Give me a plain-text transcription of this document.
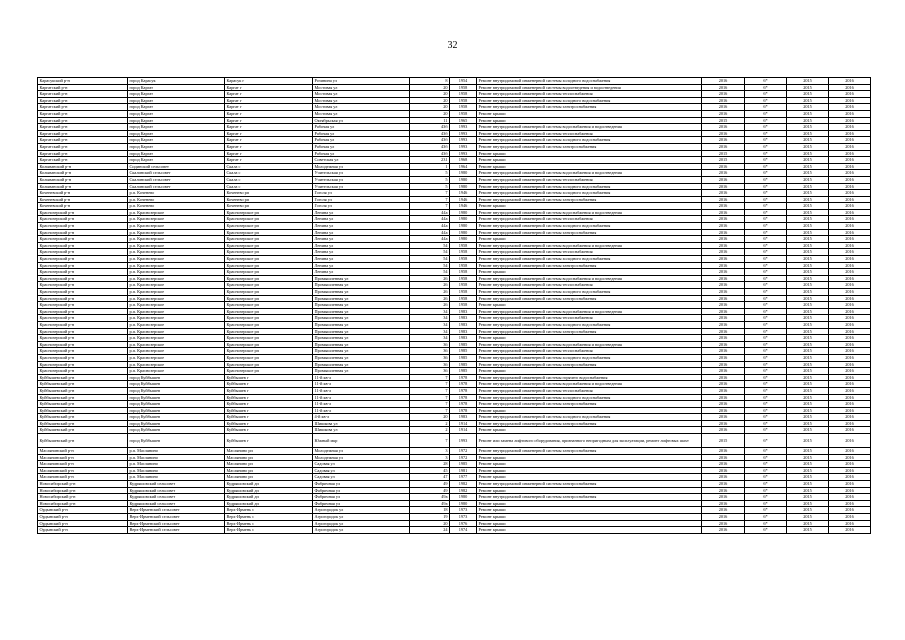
32
Карасукский р-н	город Карасук	Карасук г	Розинина ул	8	1954	Ремонт внутридомовой инженерной системы холодного водоснабжения	2016	6*	2015	2016
Каргатский р-н	город Каргат	Каргат г	Мостовая ул	20	1958	Ремонт внутридомовой инженерной системы водоотведения и водоотведения	2016	6*	2015	2016
Каргатский р-н	город Каргат	Каргат г	Мостовая ул	20	1958	Ремонт внутридомовой инженерной системы теплоснабжения	2016	6*	2015	2016
Каргатский р-н	город Каргат	Каргат г	Мостовая ул	20	1958	Ремонт внутридомовой инженерной системы холодного водоснабжения	2016	6*	2015	2016
Каргатский р-н	город Каргат	Каргат г	Мостовая ул	20	1958	Ремонт внутридомовой инженерной системы электроснабжения	2016	6*	2015	2016
Каргатский р-н	город Каргат	Каргат г	Мостовая ул	20	1958	Ремонт крыши	2016	6*	2015	2016
Каргатский р-н	город Каргат	Каргат г	Октябрьская ул	11	1965	Ремонт крыши	2015	6*	2015	2016
Каргатский р-н	город Каргат	Каргат г	Рабочая ул	43б	1993	Ремонт внутридомовой инженерной системы водоснабжения и водоотведения	2016	6*	2015	2016
Каргатский р-н	город Каргат	Каргат г	Рабочая ул	43б	1993	Ремонт внутридомовой инженерной системы теплоснабжения	2016	6*	2015	2016
Каргатский р-н	город Каргат	Каргат г	Рабочая ул	43б	1993	Ремонт внутридомовой инженерной системы холодного водоснабжения	2016	6*	2015	2016
Каргатский р-н	город Каргат	Каргат г	Рабочая ул	43б	1993	Ремонт внутридомовой инженерной системы электроснабжения	2016	6*	2015	2016
Каргатский р-н	город Каргат	Каргат г	Рабочая ул	43б	1993	Ремонт крыши	2015	6*	2015	2016
Каргатский р-н	город Каргат	Каргат г	Советская ул	231	1968	Ремонт крыши	2015	6*	2015	2016
Колыванский р-н	Сидинский сельсовет	Скала с	Молодежная ул	1	1964	Ремонт крыши	2016	6*	2015	2016
Колыванский р-н	Скалинский сельсовет	Скала с	Учительская ул	5	1980	Ремонт внутридомовой инженерной системы водоснабжения и водоотведения	2016	6*	2015	2016
Колыванский р-н	Скалинский сельсовет	Скала с	Учительская ул	5	1980	Ремонт внутридомовой инженерной системы теплоснабжения	2016	6*	2015	2016
Колыванский р-н	Скалинский сельсовет	Скала с	Учительская ул	5	1980	Ремонт внутридомовой инженерной системы холодного водоснабжения	2016	6*	2015	2016
Коченевский р-н	р.п. Коченево	Коченево рп	Гоголя ул	7	1946	Ремонт внутридомовой инженерной системы холодного водоснабжения	2016	6*	2015	2016
Коченевский р-н	р.п. Коченево	Коченево рп	Гоголя ул	7	1946	Ремонт внутридомовой инженерной системы электроснабжения	2016	6*	2015	2016
Коченевский р-н	р.п. Коченево	Коченево рп	Гоголя ул	7	1946	Ремонт крыши	2016	6*	2015	2016
Краснозерский р-н	р.п. Краснозерское	Краснозерское рп	Ленина ул	44а	1980	Ремонт внутридомовой инженерной системы водоснабжения и водоотведения	2016	6*	2015	2016
Краснозерский р-н	р.п. Краснозерское	Краснозерское рп	Ленина ул	44а	1980	Ремонт внутридомовой инженерной системы теплоснабжения	2016	6*	2015	2016
Краснозерский р-н	р.п. Краснозерское	Краснозерское рп	Ленина ул	44а	1980	Ремонт внутридомовой инженерной системы холодного водоснабжения	2016	6*	2015	2016
Краснозерский р-н	р.п. Краснозерское	Краснозерское рп	Ленина ул	44а	1980	Ремонт внутридомовой инженерной системы электроснабжения	2016	6*	2015	2016
Краснозерский р-н	р.п. Краснозерское	Краснозерское рп	Ленина ул	44а	1980	Ремонт крыши	2016	6*	2015	2016
Краснозерский р-н	р.п. Краснозерское	Краснозерское рп	Ленина ул	54	1958	Ремонт внутридомовой инженерной системы водоснабжения и водоотведения	2016	6*	2015	2016
Краснозерский р-н	р.п. Краснозерское	Краснозерское рп	Ленина ул	54	1958	Ремонт внутридомовой инженерной системы теплоснабжения	2016	6*	2015	2016
Краснозерский р-н	р.п. Краснозерское	Краснозерское рп	Ленина ул	54	1958	Ремонт внутридомовой инженерной системы холодного водоснабжения	2016	6*	2015	2016
Краснозерский р-н	р.п. Краснозерское	Краснозерское рп	Ленина ул	54	1958	Ремонт внутридомовой инженерной системы электроснабжения	2016	6*	2015	2016
Краснозерский р-н	р.п. Краснозерское	Краснозерское рп	Ленина ул	54	1958	Ремонт крыши	2016	6*	2015	2016
Краснозерский р-н	р.п. Краснозерское	Краснозерское рп	Промышленная ул	26	1958	Ремонт внутридомовой инженерной системы водоснабжения и водоотведения	2016	6*	2015	2016
Краснозерский р-н	р.п. Краснозерское	Краснозерское рп	Промышленная ул	26	1958	Ремонт внутридомовой инженерной системы теплоснабжения	2016	6*	2015	2016
Краснозерский р-н	р.п. Краснозерское	Краснозерское рп	Промышленная ул	26	1958	Ремонт внутридомовой инженерной системы холодного водоснабжения	2016	6*	2015	2016
Краснозерский р-н	р.п. Краснозерское	Краснозерское рп	Промышленная ул	26	1958	Ремонт внутридомовой инженерной системы электроснабжения	2016	6*	2015	2016
Краснозерский р-н	р.п. Краснозерское	Краснозерское рп	Промышленная ул	26	1958	Ремонт крыши	2016	6*	2015	2016
Краснозерский р-н	р.п. Краснозерское	Краснозерское рп	Промышленная ул	34	1983	Ремонт внутридомовой инженерной системы водоснабжения и водоотведения	2016	6*	2015	2016
Краснозерский р-н	р.п. Краснозерское	Краснозерское рп	Промышленная ул	34	1983	Ремонт внутридомовой инженерной системы теплоснабжения	2016	6*	2015	2016
Краснозерский р-н	р.п. Краснозерское	Краснозерское рп	Промышленная ул	34	1983	Ремонт внутридомовой инженерной системы холодного водоснабжения	2016	6*	2015	2016
Краснозерский р-н	р.п. Краснозерское	Краснозерское рп	Промышленная ул	34	1983	Ремонт внутридомовой инженерной системы электроснабжения	2016	6*	2015	2016
Краснозерский р-н	р.п. Краснозерское	Краснозерское рп	Промышленная ул	34	1983	Ремонт крыши	2016	6*	2015	2016
Краснозерский р-н	р.п. Краснозерское	Краснозерское рп	Промышленная ул	36	1985	Ремонт внутридомовой инженерной системы водоснабжения и водоотведения	2016	6*	2015	2016
Краснозерский р-н	р.п. Краснозерское	Краснозерское рп	Промышленная ул	36	1985	Ремонт внутридомовой инженерной системы теплоснабжения	2016	6*	2015	2016
Краснозерский р-н	р.п. Краснозерское	Краснозерское рп	Промышленная ул	36	1985	Ремонт внутридомовой инженерной системы холодного водоснабжения	2016	6*	2015	2016
Краснозерский р-н	р.п. Краснозерское	Краснозерское рп	Промышленная ул	36	1985	Ремонт внутридомовой инженерной системы электроснабжения	2016	6*	2015	2016
Краснозерский р-н	р.п. Краснозерское	Краснозерское рп	Промышленная ул	36	1985	Ремонт крыши	2016	6*	2015	2016
Куйбышевский р-н	город Куйбышев	Куйбышев г	11-й кв-л	7	1978	Ремонт внутридомовой инженерной системы горячего водоснабжения	2016	6*	2015	2016
Куйбышевский р-н	город Куйбышев	Куйбышев г	11-й кв-л	7	1978	Ремонт внутридомовой инженерной системы водоснабжения и водоотведения	2016	6*	2015	2016
Куйбышевский р-н	город Куйбышев	Куйбышев г	11-й кв-л	7	1978	Ремонт внутридомовой инженерной системы теплоснабжения	2016	6*	2015	2016
Куйбышевский р-н	город Куйбышев	Куйбышев г	11-й кв-л	7	1978	Ремонт внутридомовой инженерной системы холодного водоснабжения	2016	6*	2015	2016
Куйбышевский р-н	город Куйбышев	Куйбышев г	11-й кв-л	7	1978	Ремонт внутридомовой инженерной системы электроснабжения	2016	6*	2015	2016
Куйбышевский р-н	город Куйбышев	Куйбышев г	11-й кв-л	7	1978	Ремонт крыши	2016	6*	2015	2016
Куйбышевский р-н	город Куйбышев	Куйбышев г	4-й кв-л	20	1983	Ремонт внутридомовой инженерной системы холодного водоснабжения	2016	6*	2015	2016
Куйбышевский р-н	город Куйбышев	Куйбышев г	Шишкова ул	2	1914	Ремонт внутридомовой инженерной системы электроснабжения	2016	6*	2015	2016
Куйбышевский р-н	город Куйбышев	Куйбышев г	Шишкова ул	2	1914	Ремонт крыши	2016	6*	2015	2016
Куйбышевский р-н	город Куйбышев	Куйбышев г	Южный мкр	7	1993	Ремонт или замена лифтового оборудования, признанного непригодным для эксплуатации, ремонт лифтовых шахт	2015	6*	2015	2016
Маслянинский р-н	р.п. Маслянино	Маслянино рп	Молодежная ул	3	1972	Ремонт внутридомовой инженерной системы электроснабжения	2016	6*	2015	2016
Маслянинский р-н	р.п. Маслянино	Маслянино рп	Молодежная ул	3	1972	Ремонт крыши	2016	6*	2015	2016
Маслянинский р-н	р.п. Маслянино	Маслянино рп	Садовая ул	28	1985	Ремонт крыши	2016	6*	2015	2016
Маслянинский р-н	р.п. Маслянино	Маслянино рп	Садовая ул	45	1981	Ремонт крыши	2016	6*	2015	2016
Маслянинский р-н	р.п. Маслянино	Маслянино рп	Садовая ул	47	1977	Ремонт крыши	2016	6*	2015	2016
Новосибирский р-н	Кудряшовский сельсовет	Кудряшовский дп	Фабричная ул	49	1982	Ремонт внутридомовой инженерной системы электроснабжения	2016	6*	2015	2016
Новосибирский р-н	Кудряшовский сельсовет	Кудряшовский дп	Фабричная ул	49	1982	Ремонт крыши	2016	6*	2015	2016
Новосибирский р-н	Кудряшовский сельсовет	Кудряшовский дп	Фабричная ул	49а	1980	Ремонт внутридомовой инженерной системы электроснабжения	2016	6*	2015	2016
Новосибирский р-н	Кудряшовский сельсовет	Кудряшовский дп	Фабричная ул	49а	1980	Ремонт крыши	2016	6*	2015	2016
Ордынский р-н	Верх-Ирменский сельсовет	Верх-Ирмень с	Агрогородок ул	18	1973	Ремонт крыши	2016	6*	2015	2016
Ордынский р-н	Верх-Ирменский сельсовет	Верх-Ирмень с	Агрогородок ул	19	1973	Ремонт крыши	2016	6*	2015	2016
Ордынский р-н	Верх-Ирменский сельсовет	Верх-Ирмень с	Агрогородок ул	20	1976	Ремонт крыши	2016	6*	2015	2016
Ордынский р-н	Верх-Ирменский сельсовет	Верх-Ирмень с	Агрогородок ул	24	1974	Ремонт крыши	2016	6*	2015	2016
